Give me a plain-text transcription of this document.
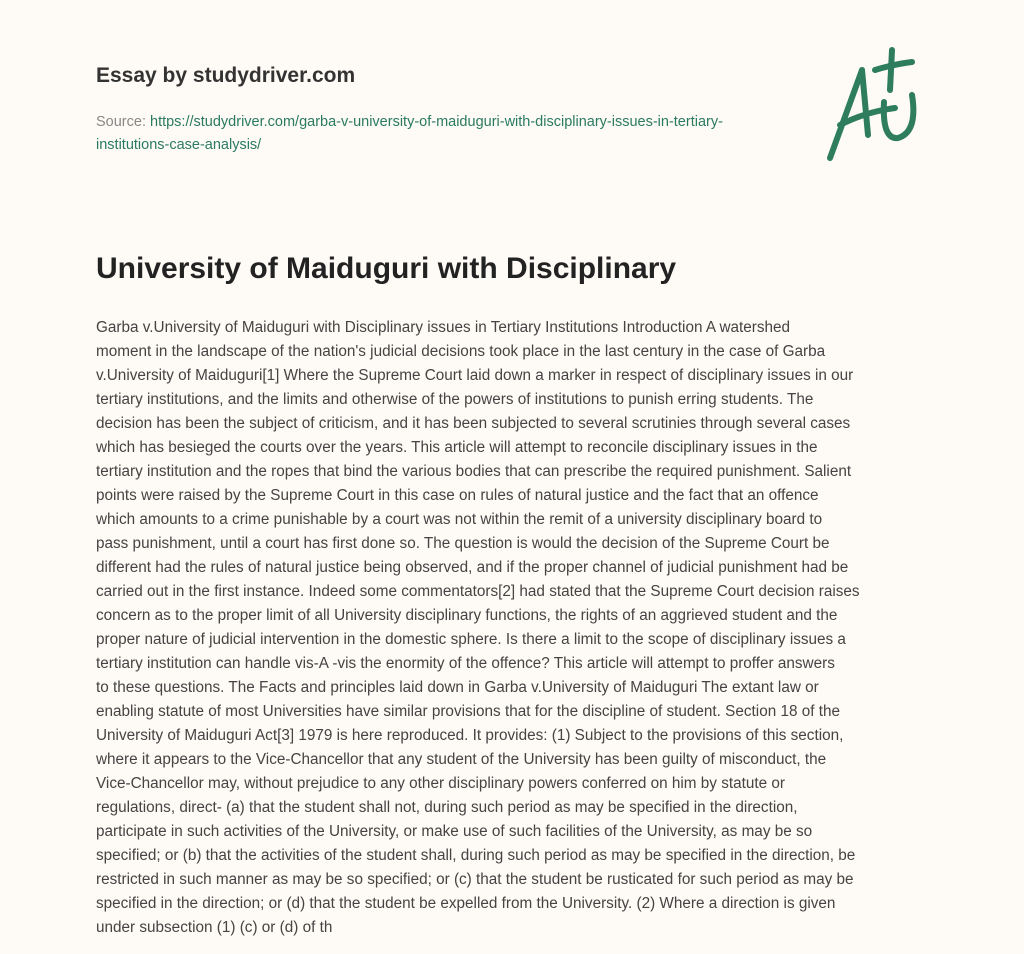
Essay by studydriver.com
Source: https://studydriver.com/garba-v-university-of-maiduguri-with-disciplinary-issues-in-tertiary-institutions-case-analysis/
University of Maiduguri with Disciplinary
Garba v.University of Maiduguri with Disciplinary issues in Tertiary Institutions Introduction A watershed
moment in the landscape of the nation's judicial decisions took place in the last century in the case of Garba
v.University of Maiduguri[1] Where the Supreme Court laid down a marker in respect of disciplinary issues in our
tertiary institutions, and the limits and otherwise of the powers of institutions to punish erring students. The
decision has been the subject of criticism, and it has been subjected to several scrutinies through several cases
which has besieged the courts over the years. This article will attempt to reconcile disciplinary issues in the
tertiary institution and the ropes that bind the various bodies that can prescribe the required punishment. Salient
points were raised by the Supreme Court in this case on rules of natural justice and the fact that an offence
which amounts to a crime punishable by a court was not within the remit of a university disciplinary board to
pass punishment, until a court has first done so. The question is would the decision of the Supreme Court be
different had the rules of natural justice being observed, and if the proper channel of judicial punishment had be
carried out in the first instance. Indeed some commentators[2] had stated that the Supreme Court decision raises
concern as to the proper limit of all University disciplinary functions, the rights of an aggrieved student and the
proper nature of judicial intervention in the domestic sphere. Is there a limit to the scope of disciplinary issues a
tertiary institution can handle vis-A -vis the enormity of the offence? This article will attempt to proffer answers
to these questions. The Facts and principles laid down in Garba v.University of Maiduguri The extant law or
enabling statute of most Universities have similar provisions that for the discipline of student. Section 18 of the
University of Maiduguri Act[3] 1979 is here reproduced. It provides: (1) Subject to the provisions of this section,
where it appears to the Vice-Chancellor that any student of the University has been guilty of misconduct, the
Vice-Chancellor may, without prejudice to any other disciplinary powers conferred on him by statute or
regulations, direct- (a) that the student shall not, during such period as may be specified in the direction,
participate in such activities of the University, or make use of such facilities of the University, as may be so
specified; or (b) that the activities of the student shall, during such period as may be specified in the direction, be
restricted in such manner as may be so specified; or (c) that the student be rusticated for such period as may be
specified in the direction; or (d) that the student be expelled from the University. (2) Where a direction is given
under subsection (1) (c) or (d) of th
